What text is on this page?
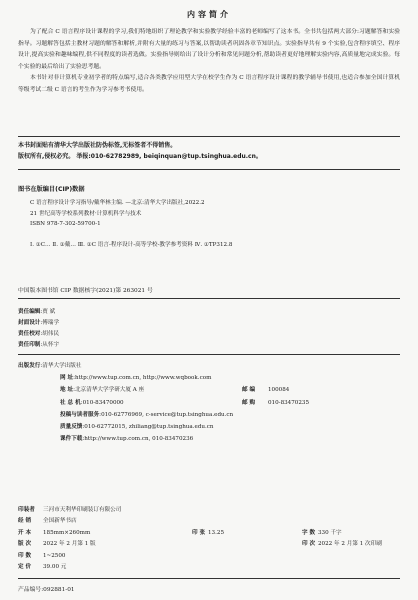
内容简介

为了配合 C 语言程序设计课程的学习,我们特地组织了理论教学和实验教学经验丰富的老师编写了这本书。全书共包括两大部分:习题解答和实验指导。习题解答包括主教材习题的解答和解析,并附有大量的练习与答案,以帮助读者巩固各章节知识点。实验指导共有 9 个实验,包含程序填空、程序设计,提高实验和趣味编程,供不同程度的读者选做。实验指导则给出了设计分析和常见问题分析,帮助读者更好地理解实验内容,高质量地完成实验。每个实验的最后给出了实验思考题。

本书针对非计算机专业初学者的特点编写,适合各类教学应用型大学在校学生作为 C 语言程序设计课程的教学辅导书使用,也适合参加全国计算机等级考试二级 C 语言的考生作为学习参考书使用。

本书封面贴有清华大学出版社防伪标签,无标签者不得销售。
版权所有,侵权必究。 举报:010-62782989, beiqinquan@tup.tsinghua.edu.cn。
图书在版编目(CIP)数据
C 语言程序设计学习指导/戴华林主编. —北京:清华大学出版社,2022.2
21 世纪高等学校系列教材·计算机科学与技术
ISBN 978-7-302-59700-1
Ⅰ. ①C… Ⅱ. ①戴… Ⅲ. ①C 语言-程序设计-高等学校-教学参考资料 Ⅳ. ①TP312.8
中国版本图书馆 CIP 数据核字(2021)第 263021 号
责任编辑:贾 斌
封面设计:傅瑞学
责任校对:胡伟民
责任印制:从怀宇
出版发行:清华大学出版社
网 址:http://www.tup.com.cn, http://www.wqbook.com
地 址:北京清华大学学研大厦 A 座	邮 编 100084
社 总 机:010-83470000	邮 购 010-83470235
投稿与读者服务:010-62776969, c-service@tup.tsinghua.edu.cn
质量反馈:010-62772015, zhiliang@tup.tsinghua.edu.cn
课件下载:http://www.tup.com.cn, 010-83470236
印装者 三河市天利华印刷装订有限公司
经 销 全国新华书店
开 本 185mm×260mm	印 张 13.25	字 数 330 千字
版 次 2022 年 2 月第 1 版	印 次 2022 年 2 月第 1 次印刷
印 数 1~2500
定 价 39.00 元
产品编号:092881-01
